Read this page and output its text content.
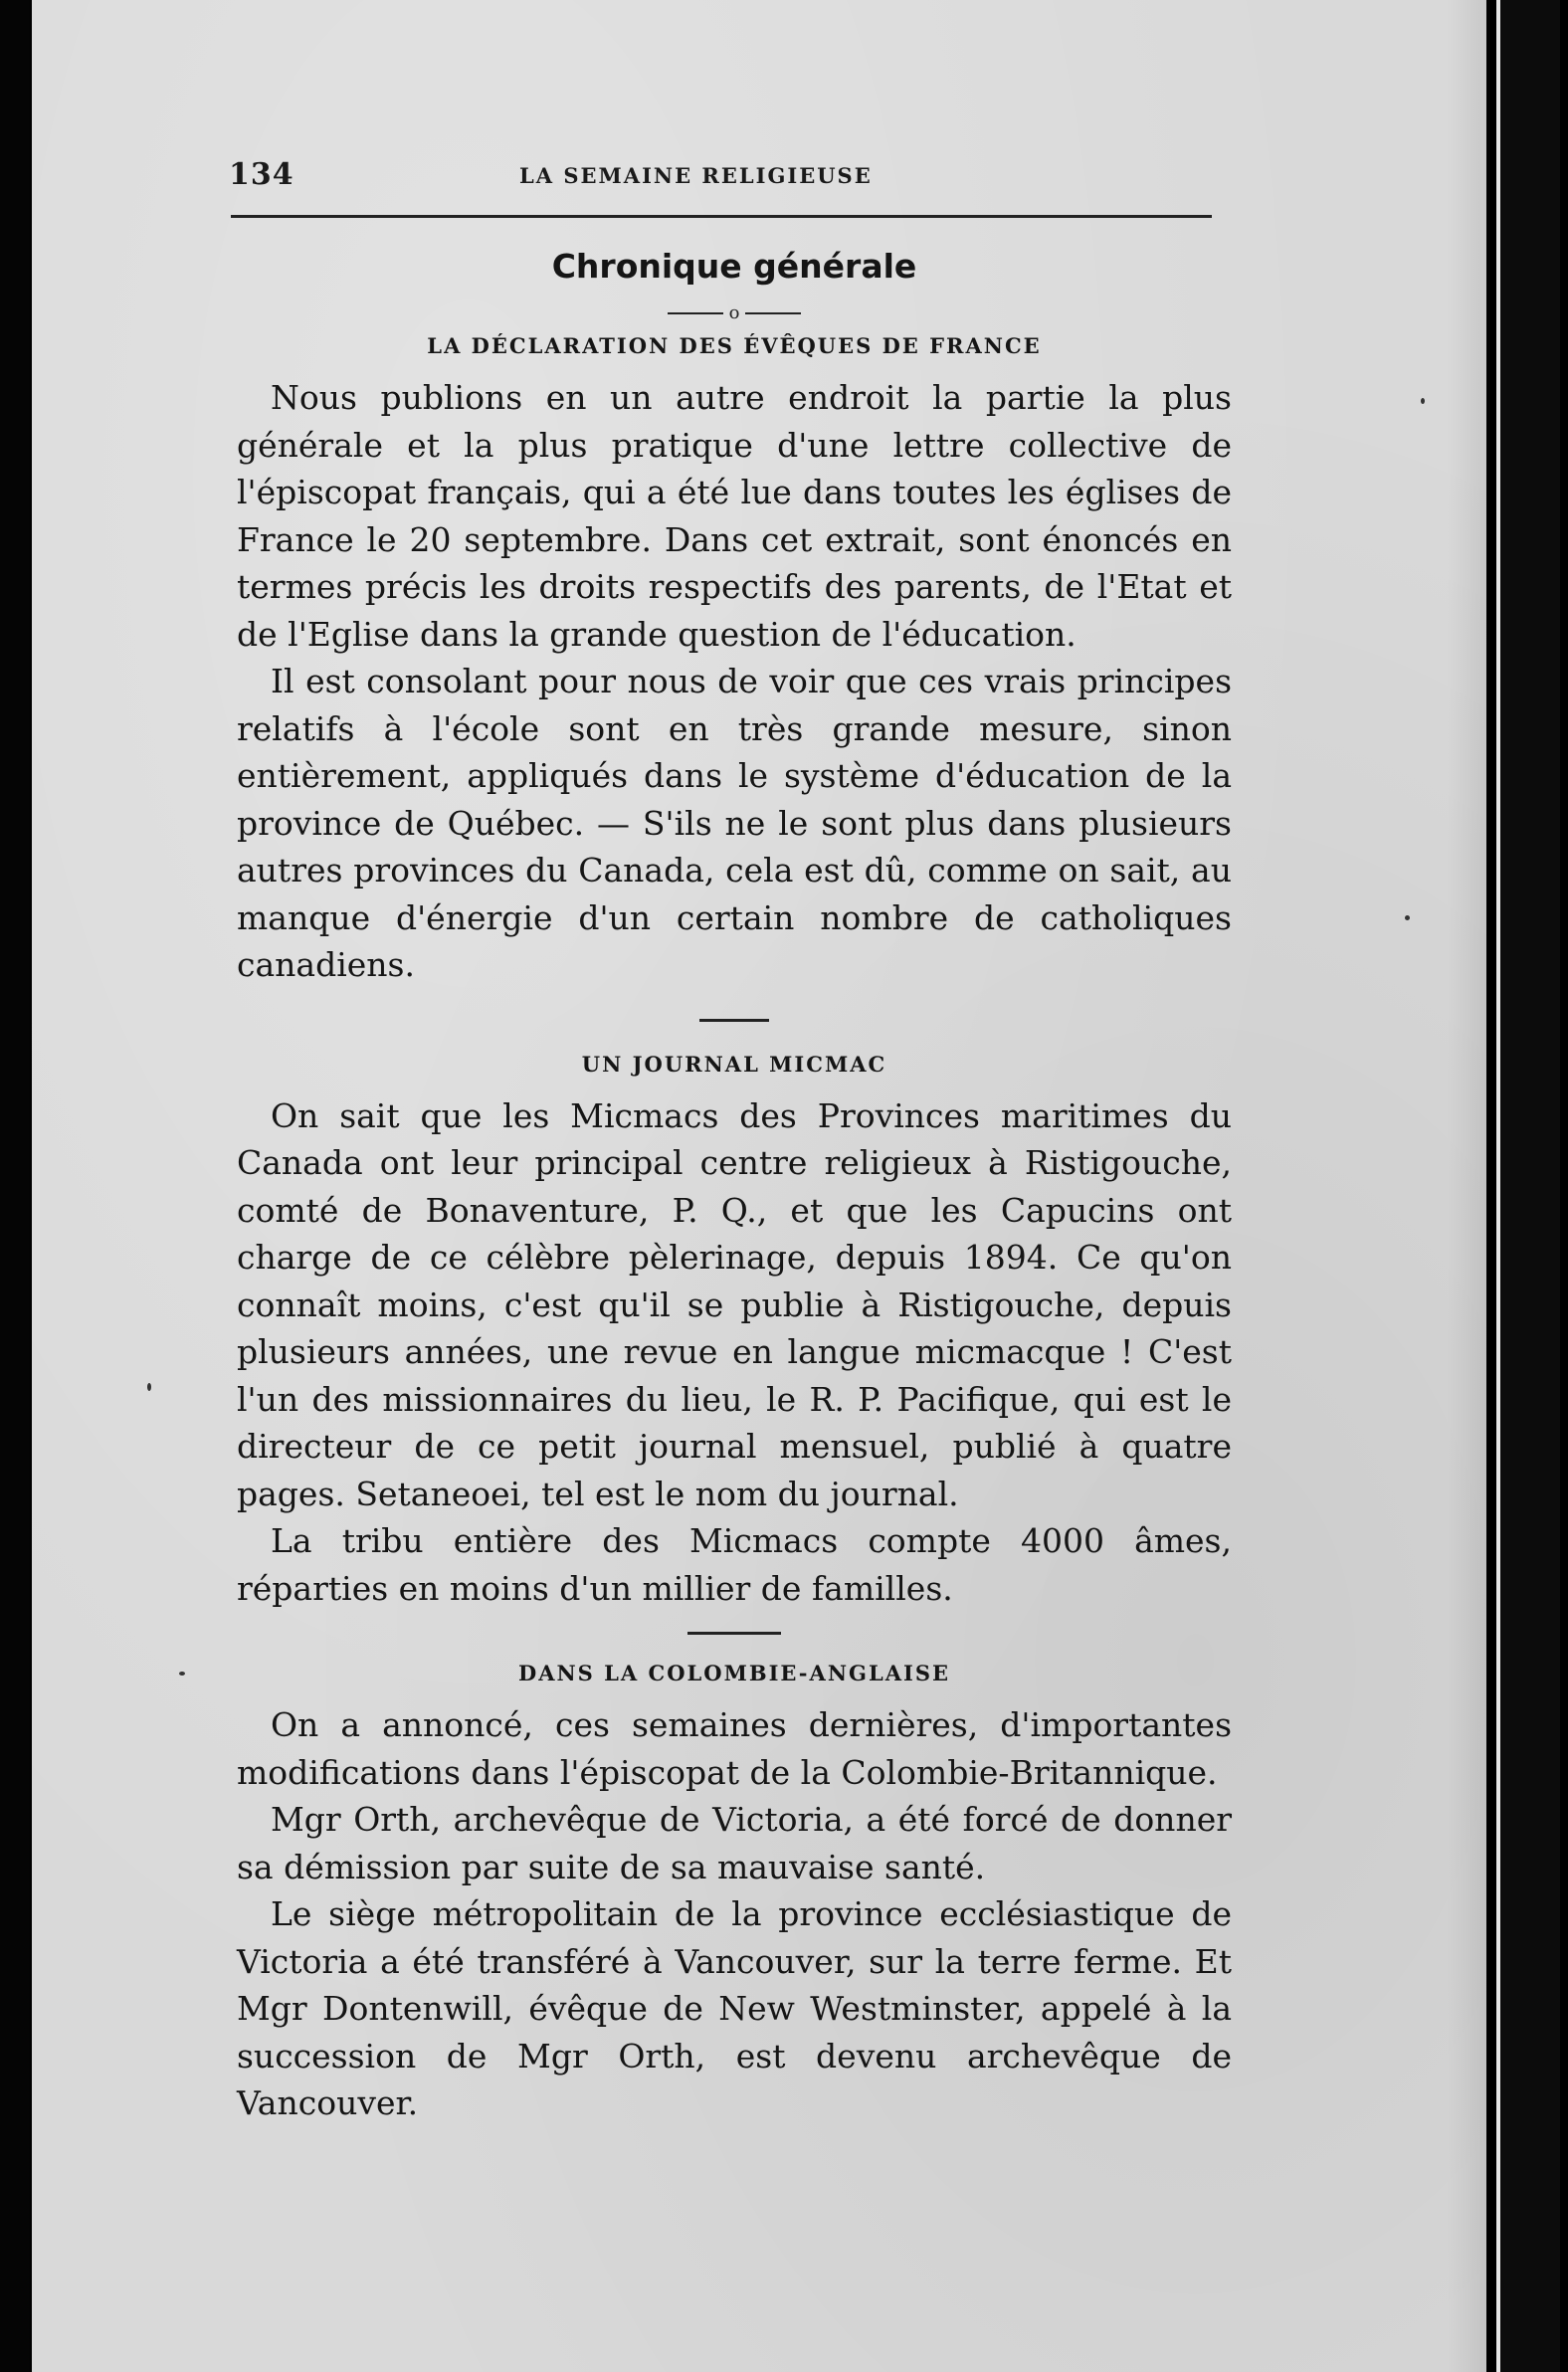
134	LA SEMAINE RELIGIEUSE
Chronique générale
o
LA DÉCLARATION DES ÉVÊQUES DE FRANCE

Nous publions en un autre endroit la partie la plus générale et la plus pratique d'une lettre collective de l'épiscopat français, qui a été lue dans toutes les églises de France le 20 septembre. Dans cet extrait, sont énoncés en termes précis les droits respectifs des parents, de l'Etat et de l'Eglise dans la grande question de l'éducation.

Il est consolant pour nous de voir que ces vrais principes relatifs à l'école sont en très grande mesure, sinon entièrement, appliqués dans le système d'éducation de la province de Québec. — S'ils ne le sont plus dans plusieurs autres provinces du Canada, cela est dû, comme on sait, au manque d'énergie d'un certain nombre de catholiques canadiens.

UN JOURNAL MICMAC

On sait que les Micmacs des Provinces maritimes du Canada ont leur principal centre religieux à Ristigouche, comté de Bonaventure, P. Q., et que les Capucins ont charge de ce célèbre pèlerinage, depuis 1894. Ce qu'on connaît moins, c'est qu'il se publie à Ristigouche, depuis plusieurs années, une revue en langue micmacque ! C'est l'un des missionnaires du lieu, le R. P. Pacifique, qui est le directeur de ce petit journal mensuel, publié à quatre pages. Setaneoei, tel est le nom du journal.

La tribu entière des Micmacs compte 4000 âmes, réparties en moins d'un millier de familles.

DANS LA COLOMBIE-ANGLAISE

On a annoncé, ces semaines dernières, d'importantes modifications dans l'épiscopat de la Colombie-Britannique.

Mgr Orth, archevêque de Victoria, a été forcé de donner sa démission par suite de sa mauvaise santé.

Le siège métropolitain de la province ecclésiastique de Victoria a été transféré à Vancouver, sur la terre ferme. Et Mgr Dontenwill, évêque de New Westminster, appelé à la succession de Mgr Orth, est devenu archevêque de Vancouver.
